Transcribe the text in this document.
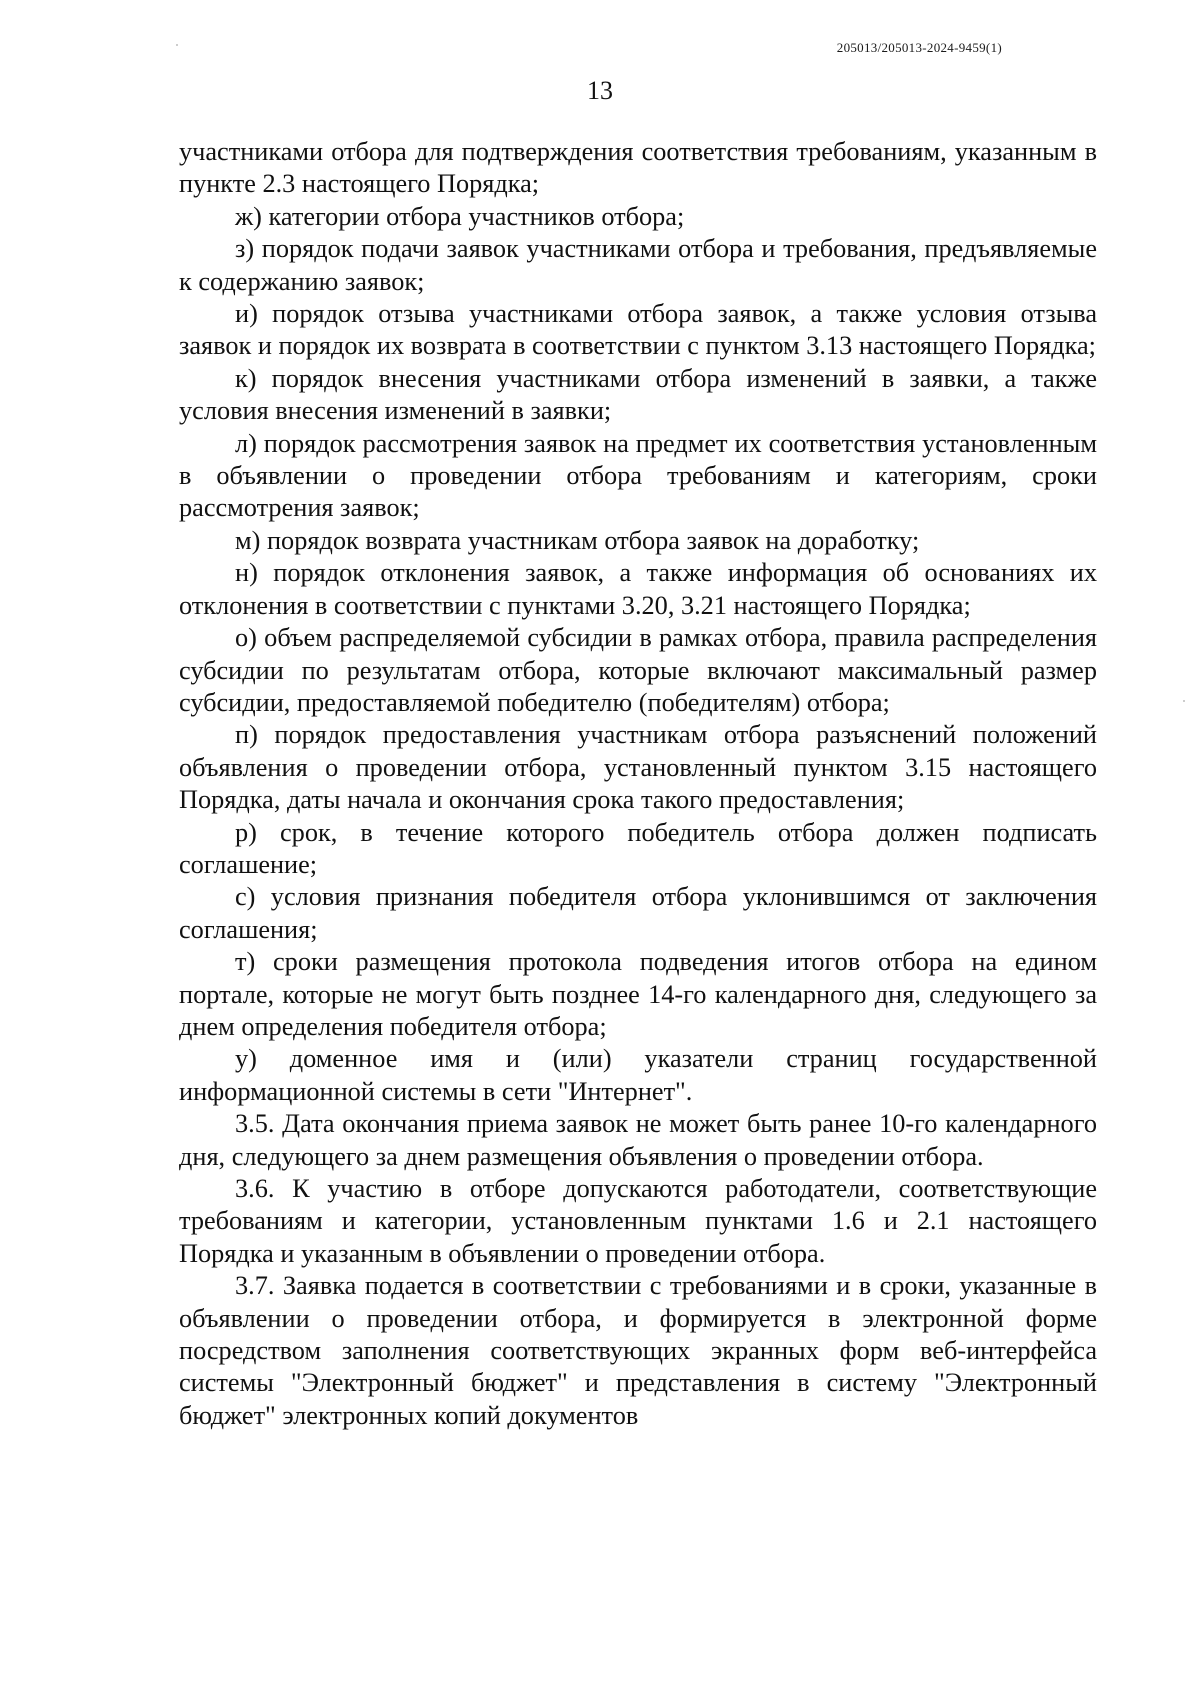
205013/205013-2024-9459(1)
13

участниками отбора для подтверждения соответствия требованиям, указанным в пункте 2.3 настоящего Порядка;

ж) категории отбора участников отбора;

з) порядок подачи заявок участниками отбора и требования, предъявляемые к содержанию заявок;

и) порядок отзыва участниками отбора заявок, а также условия отзыва заявок и порядок их возврата в соответствии с пунктом 3.13 настоящего Порядка;

к) порядок внесения участниками отбора изменений в заявки, а также условия внесения изменений в заявки;

л) порядок рассмотрения заявок на предмет их соответствия установленным в объявлении о проведении отбора требованиям и категориям, сроки рассмотрения заявок;

м) порядок возврата участникам отбора заявок на доработку;

н) порядок отклонения заявок, а также информация об основаниях их отклонения в соответствии с пунктами 3.20, 3.21 настоящего Порядка;

о) объем распределяемой субсидии в рамках отбора, правила распределения субсидии по результатам отбора, которые включают максимальный размер субсидии, предоставляемой победителю (победителям) отбора;

п) порядок предоставления участникам отбора разъяснений положений объявления о проведении отбора, установленный пунктом 3.15 настоящего Порядка, даты начала и окончания срока такого предоставления;

р) срок, в течение которого победитель отбора должен подписать соглашение;

с) условия признания победителя отбора уклонившимся от заключения соглашения;

т) сроки размещения протокола подведения итогов отбора на едином портале, которые не могут быть позднее 14-го календарного дня, следующего за днем определения победителя отбора;

у) доменное имя и (или) указатели страниц государственной информационной системы в сети "Интернет".

3.5. Дата окончания приема заявок не может быть ранее 10-го календарного дня, следующего за днем размещения объявления о проведении отбора.

3.6. К участию в отборе допускаются работодатели, соответствующие требованиям и категории, установленным пунктами 1.6 и 2.1 настоящего Порядка и указанным в объявлении о проведении отбора.

3.7. Заявка подается в соответствии с требованиями и в сроки, указанные в объявлении о проведении отбора, и формируется в электронной форме посредством заполнения соответствующих экранных форм веб-интерфейса системы "Электронный бюджет" и представления в систему "Электронный бюджет" электронных копий документов
